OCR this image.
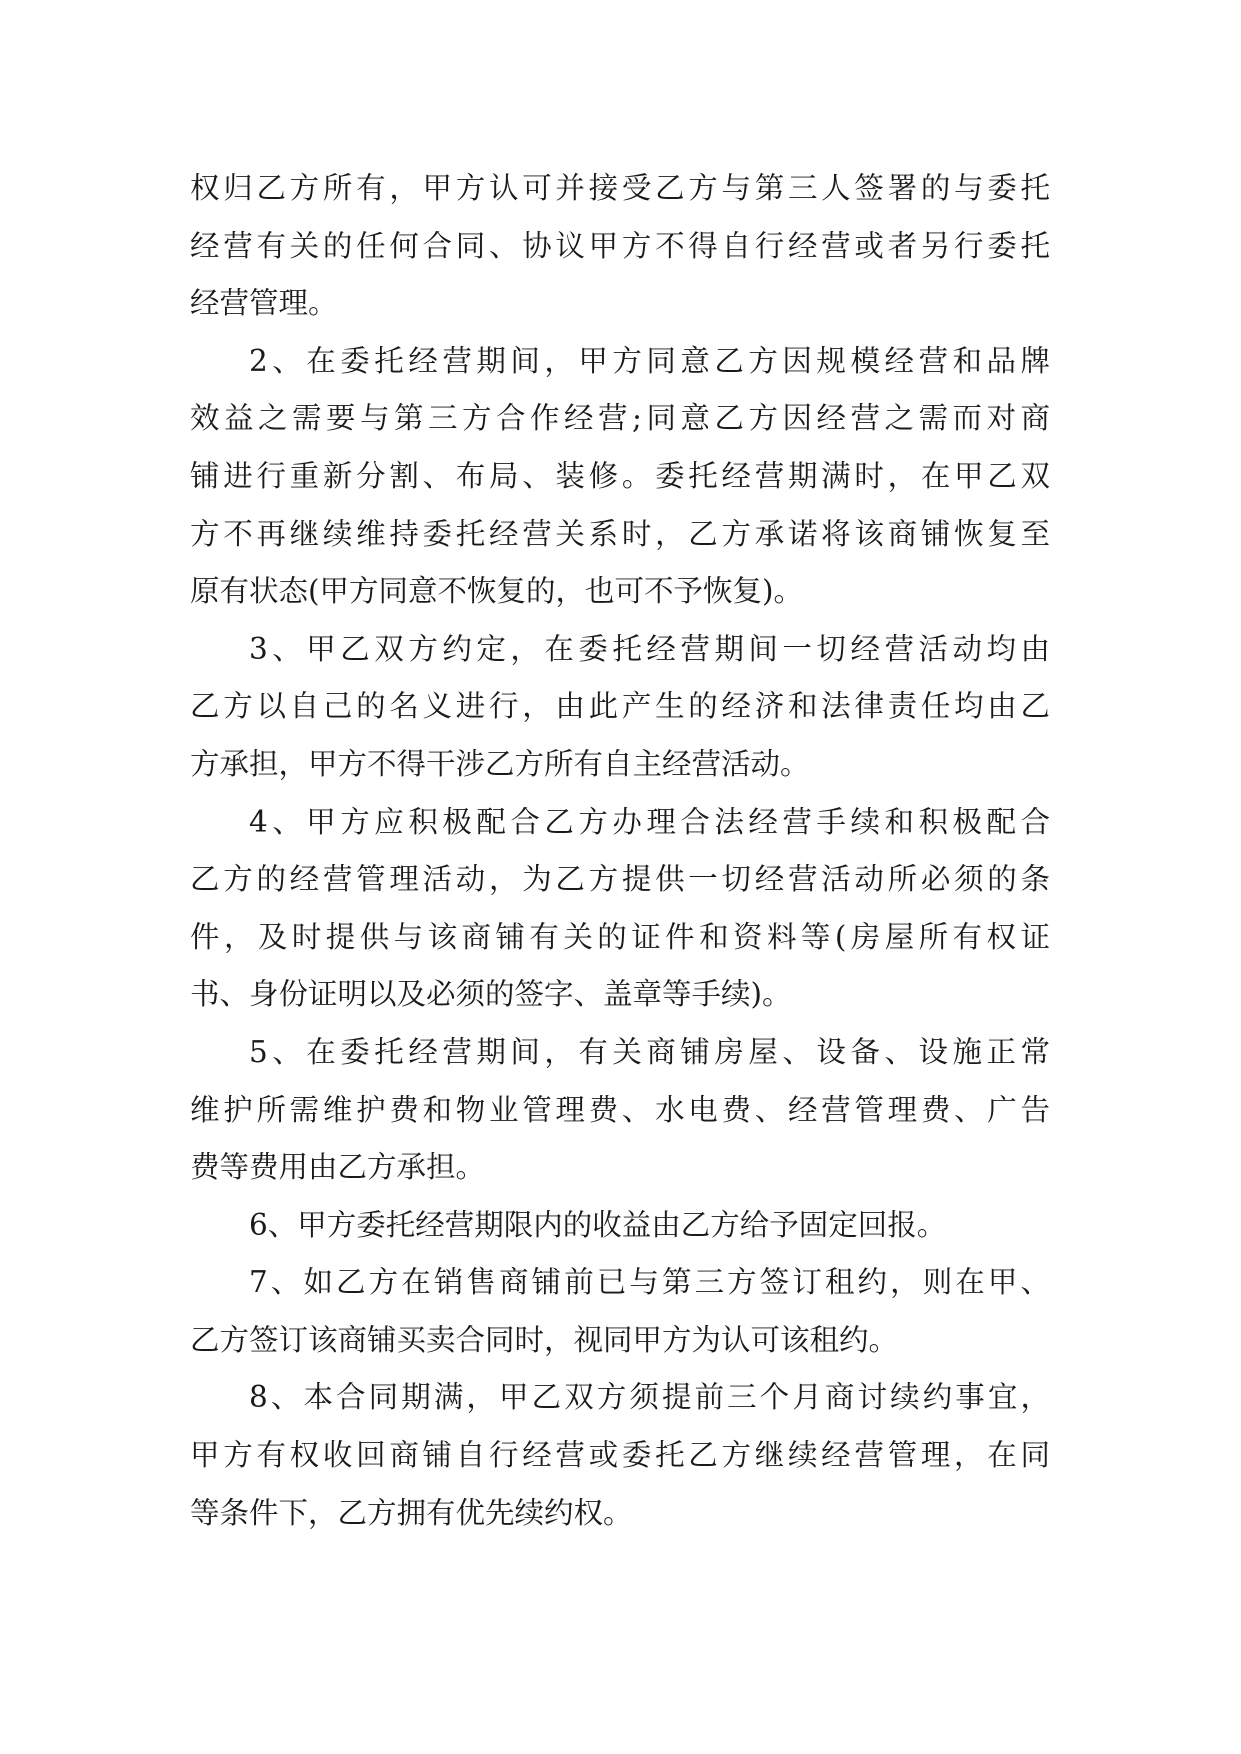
权归乙方所有，甲方认可并接受乙方与第三人签署的与委托
经营有关的任何合同、协议甲方不得自行经营或者另行委托
经营管理。
2、在委托经营期间，甲方同意乙方因规模经营和品牌
效益之需要与第三方合作经营;同意乙方因经营之需而对商
铺进行重新分割、布局、装修。委托经营期满时，在甲乙双
方不再继续维持委托经营关系时，乙方承诺将该商铺恢复至
原有状态(甲方同意不恢复的，也可不予恢复)。
3、甲乙双方约定，在委托经营期间一切经营活动均由
乙方以自己的名义进行，由此产生的经济和法律责任均由乙
方承担，甲方不得干涉乙方所有自主经营活动。
4、甲方应积极配合乙方办理合法经营手续和积极配合
乙方的经营管理活动，为乙方提供一切经营活动所必须的条
件，及时提供与该商铺有关的证件和资料等(房屋所有权证
书、身份证明以及必须的签字、盖章等手续)。
5、在委托经营期间，有关商铺房屋、设备、设施正常
维护所需维护费和物业管理费、水电费、经营管理费、广告
费等费用由乙方承担。
6、甲方委托经营期限内的收益由乙方给予固定回报。
7、如乙方在销售商铺前已与第三方签订租约，则在甲、
乙方签订该商铺买卖合同时，视同甲方为认可该租约。
8、本合同期满，甲乙双方须提前三个月商讨续约事宜，
甲方有权收回商铺自行经营或委托乙方继续经营管理，在同
等条件下，乙方拥有优先续约权。
